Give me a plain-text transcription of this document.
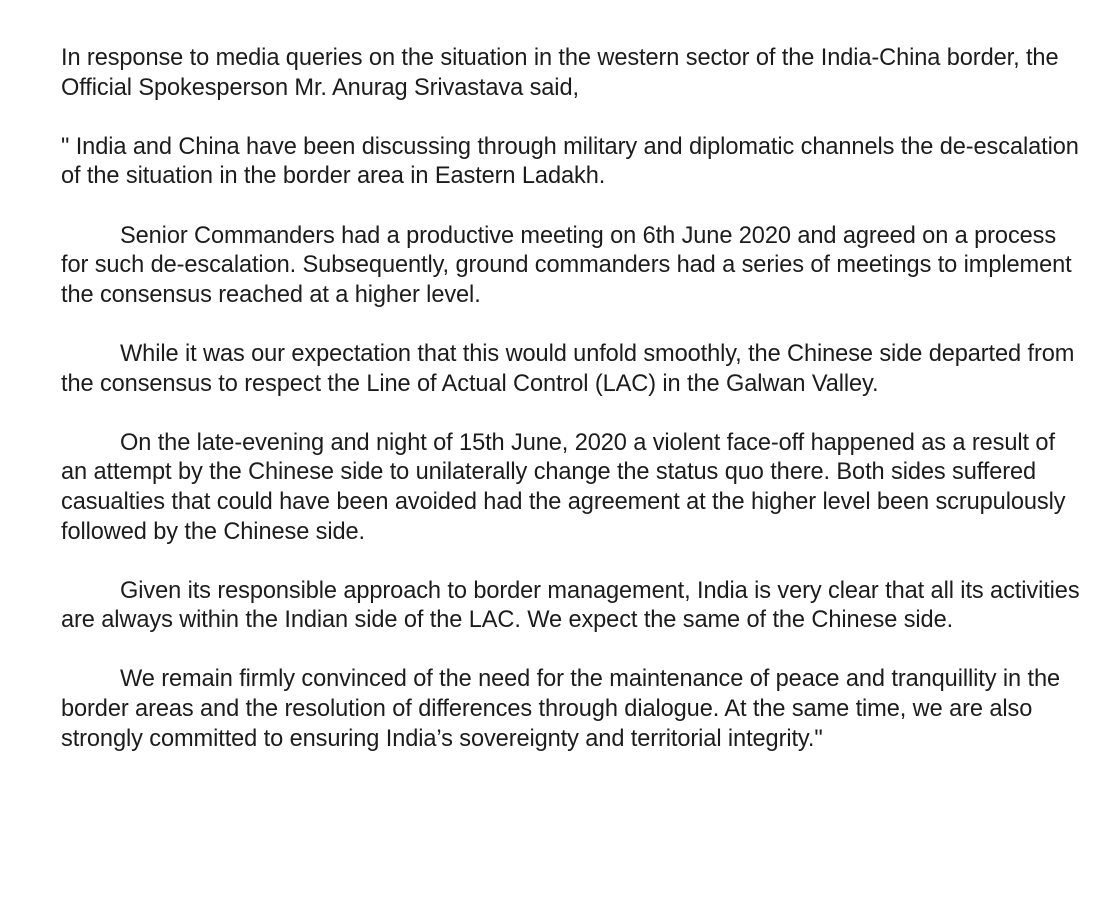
In response to media queries on the situation in the western sector of the India-China border, the Official Spokesperson Mr. Anurag Srivastava said,

" India and China have been discussing through military and diplomatic channels the de-escalation of the situation in the border area in Eastern Ladakh.

Senior Commanders had a productive meeting on 6th June 2020 and agreed on a process for such de-escalation. Subsequently, ground commanders had a series of meetings to implement the consensus reached at a higher level.

While it was our expectation that this would unfold smoothly, the Chinese side departed from the consensus to respect the Line of Actual Control (LAC) in the Galwan Valley.

On the late-evening and night of 15th June, 2020 a violent face-off happened as a result of an attempt by the Chinese side to unilaterally change the status quo there. Both sides suffered casualties that could have been avoided had the agreement at the higher level been scrupulously followed by the Chinese side.

Given its responsible approach to border management, India is very clear that all its activities are always within the Indian side of the LAC. We expect the same of the Chinese side.

We remain firmly convinced of the need for the maintenance of peace and tranquillity in the border areas and the resolution of differences through dialogue. At the same time, we are also strongly committed to ensuring India’s sovereignty and territorial integrity."
